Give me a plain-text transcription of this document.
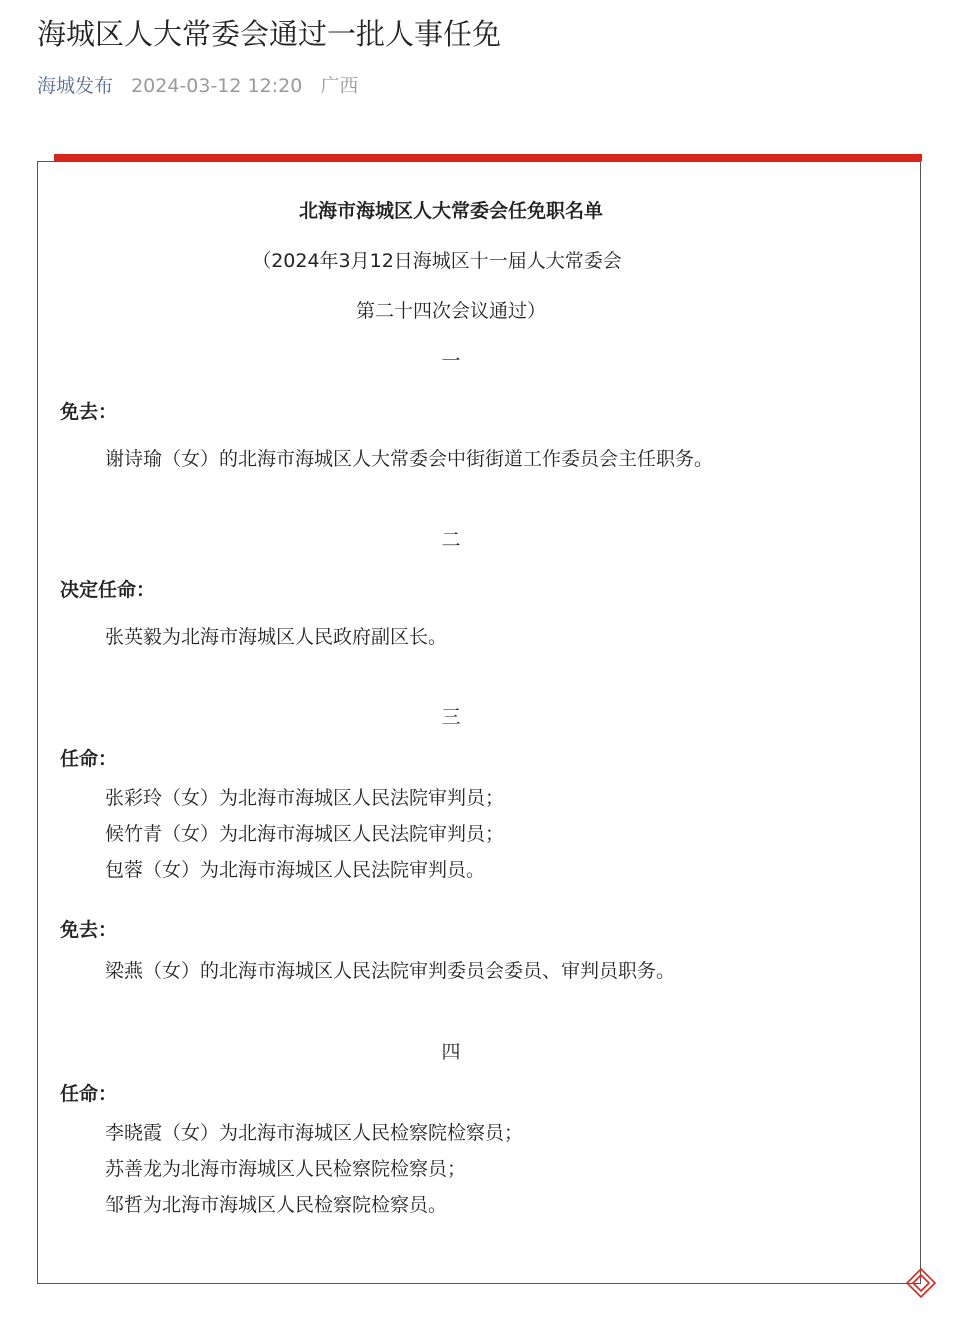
海城区人大常委会通过一批人事任免
海城发布 2024-03-12 12:20 广西
北海市海城区人大常委会任免职名单
（2024年3月12日海城区十一届人大常委会
第二十四次会议通过）
一
免去：
谢诗瑜（女）的北海市海城区人大常委会中街街道工作委员会主任职务。
二
决定任命：
张英毅为北海市海城区人民政府副区长。
三
任命：
张彩玲（女）为北海市海城区人民法院审判员；
候竹青（女）为北海市海城区人民法院审判员；
包蓉（女）为北海市海城区人民法院审判员。
免去：
梁燕（女）的北海市海城区人民法院审判委员会委员、审判员职务。
四
任命：
李晓霞（女）为北海市海城区人民检察院检察员；
苏善龙为北海市海城区人民检察院检察员；
邹哲为北海市海城区人民检察院检察员。
